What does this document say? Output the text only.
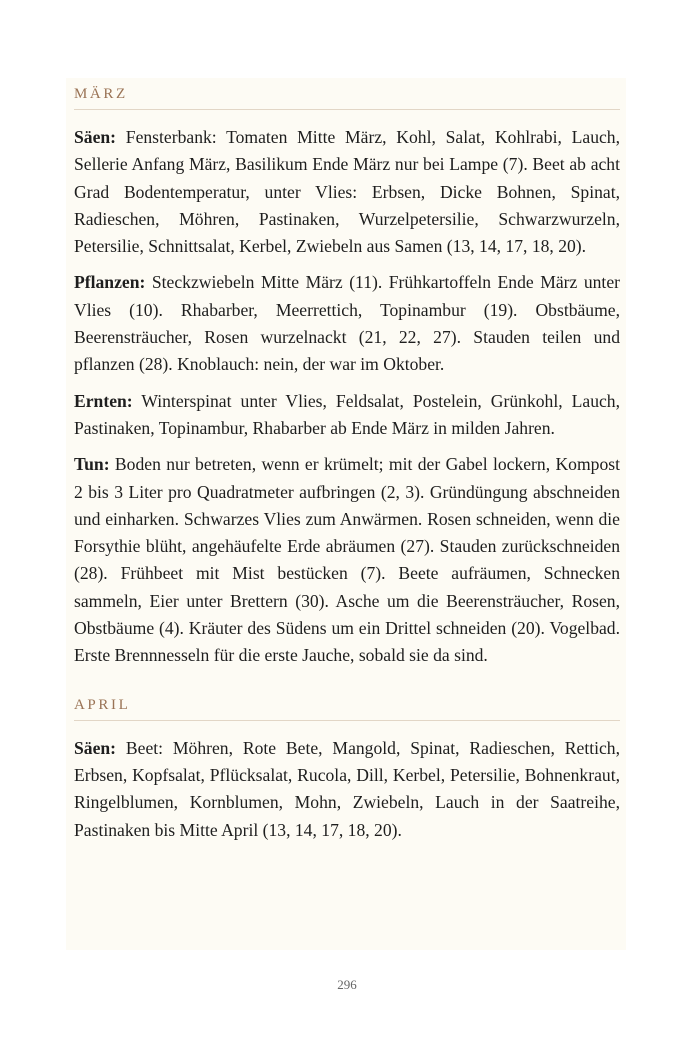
MÄRZ

Säen: Fensterbank: Tomaten Mitte März, Kohl, Salat, Kohlrabi, Lauch, Sellerie Anfang März, Basilikum Ende März nur bei Lampe (7). Beet ab acht Grad Bodentemperatur, unter Vlies: Erbsen, Dicke Bohnen, Spinat, Radieschen, Möhren, Pastinaken, Wurzelpetersilie, Schwarzwurzeln, Petersilie, Schnittsalat, Kerbel, Zwiebeln aus Samen (13, 14, 17, 18, 20).

Pflanzen: Steckzwiebeln Mitte März (11). Frühkartoffeln Ende März unter Vlies (10). Rhabarber, Meerrettich, Topinambur (19). Obstbäume, Beerensträucher, Rosen wurzelnackt (21, 22, 27). Stauden teilen und pflanzen (28). Knoblauch: nein, der war im Oktober.

Ernten: Winterspinat unter Vlies, Feldsalat, Postelein, Grünkohl, Lauch, Pastinaken, Topinambur, Rhabarber ab Ende März in milden Jahren.

Tun: Boden nur betreten, wenn er krümelt; mit der Gabel lockern, Kompost 2 bis 3 Liter pro Quadratmeter aufbringen (2, 3). Gründüngung abschneiden und einharken. Schwarzes Vlies zum Anwärmen. Rosen schneiden, wenn die Forsythie blüht, angehäufelte Erde abräumen (27). Stauden zurückschneiden (28). Frühbeet mit Mist bestücken (7). Beete aufräumen, Schnecken sammeln, Eier unter Brettern (30). Asche um die Beerensträucher, Rosen, Obstbäume (4). Kräuter des Südens um ein Drittel schneiden (20). Vogelbad. Erste Brennnesseln für die erste Jauche, sobald sie da sind.

APRIL

Säen: Beet: Möhren, Rote Bete, Mangold, Spinat, Radieschen, Rettich, Erbsen, Kopfsalat, Pflücksalat, Rucola, Dill, Kerbel, Petersilie, Bohnenkraut, Ringelblumen, Kornblumen, Mohn, Zwiebeln, Lauch in der Saatreihe, Pastinaken bis Mitte April (13, 14, 17, 18, 20).

296
